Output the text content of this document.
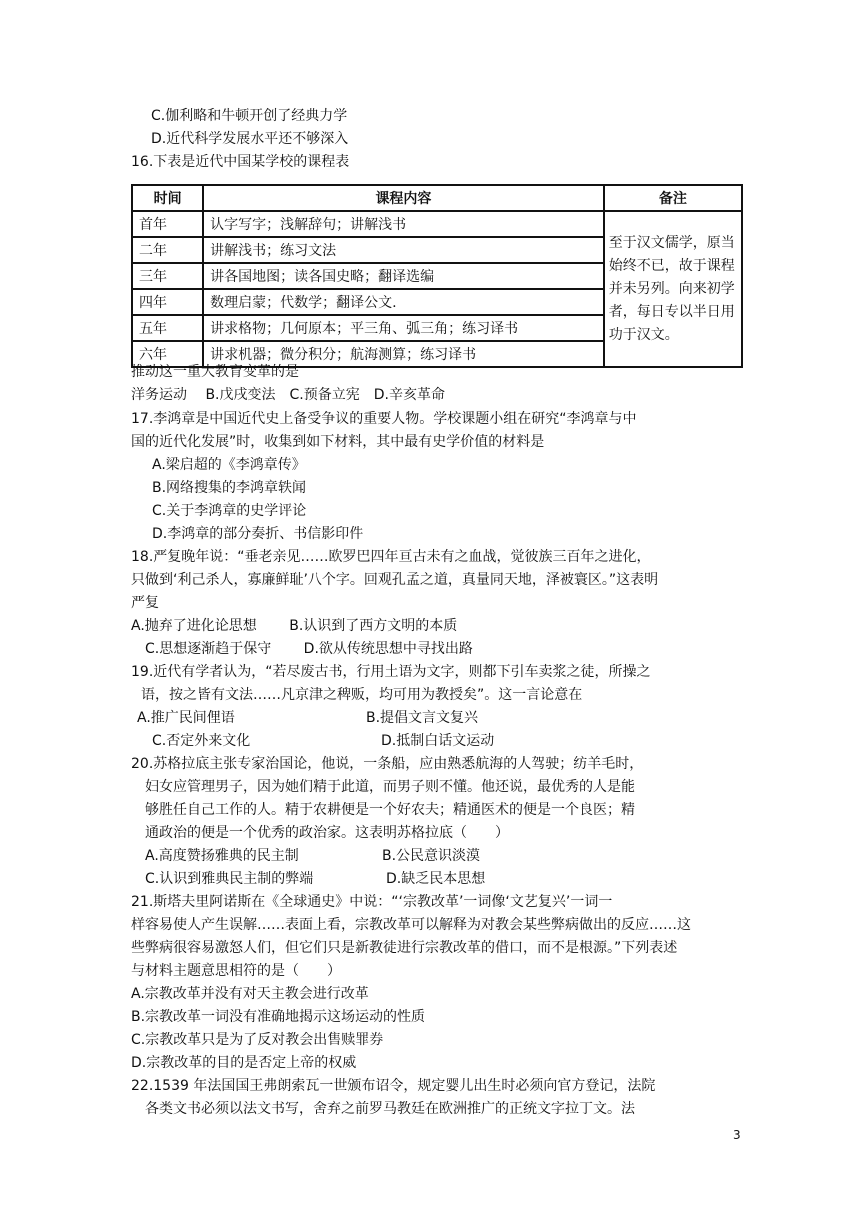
C.伽利略和牛顿开创了经典力学
D.近代科学发展水平还不够深入
16.下表是近代中国某学校的课程表
时间	课程内容	备注
首年	认字写字；浅解辞句；讲解浅书	至于汉文儒学，原当始终不已，故于课程并未另列。向来初学者，每日专以半日用功于汉文。
二年	讲解浅书；练习文法	
三年	讲各国地图；读各国史略；翻译选编	
四年	数理启蒙；代数学；翻译公文.	
五年	讲求格物；几何原本；平三角、弧三角；练习译书	
六年	讲求机器；微分积分；航海测算；练习译书	
推动这一重大教育变革的是
洋务运动　 B.戊戌变法　C.预备立宪　D.辛亥革命
17.李鸿章是中国近代史上备受争议的重要人物。学校课题小组在研究“李鸿章与中
国的近代化发展”时，收集到如下材料，其中最有史学价值的材料是
A.梁启超的《李鸿章传》
B.网络搜集的李鸿章轶闻
C.关于李鸿章的史学评论
D.李鸿章的部分奏折、书信影印件
18.严复晚年说：“垂老亲见……欧罗巴四年亘古未有之血战，觉彼族三百年之进化，
只做到‘利己杀人，寡廉鲜耻’八个字。回观孔孟之道，真量同天地，泽被寰区。”这表明
严复
A.抛弃了进化论思想　　 B.认识到了西方文明的本质
C.思想逐渐趋于保守　　 D.欲从传统思想中寻找出路
19.近代有学者认为，“若尽废古书，行用土语为文字，则都下引车卖浆之徒，所操之
语，按之皆有文法……凡京津之稗贩，均可用为教授矣”。这一言论意在
A.推广民间俚语	B.提倡文言文复兴
C.否定外来文化	D.抵制白话文运动
20.苏格拉底主张专家治国论，他说，一条船，应由熟悉航海的人驾驶；纺羊毛时，
妇女应管理男子，因为她们精于此道，而男子则不懂。他还说，最优秀的人是能
够胜任自己工作的人。精于农耕便是一个好农夫；精通医术的便是一个良医；精
通政治的便是一个优秀的政治家。这表明苏格拉底（　　）
A.高度赞扬雅典的民主制	B.公民意识淡漠
C.认识到雅典民主制的弊端	D.缺乏民本思想
21.斯塔夫里阿诺斯在《全球通史》中说：“‘宗教改革’一词像‘文艺复兴’一词一
样容易使人产生误解……表面上看，宗教改革可以解释为对教会某些弊病做出的反应……这
些弊病很容易激怒人们，但它们只是新教徒进行宗教改革的借口，而不是根源。”下列表述
与材料主题意思相符的是（　　）
A.宗教改革并没有对天主教会进行改革
B.宗教改革一词没有准确地揭示这场运动的性质
C.宗教改革只是为了反对教会出售赎罪券
D.宗教改革的目的是否定上帝的权威
22.1539 年法国国王弗朗索瓦一世颁布诏令，规定婴儿出生时必须向官方登记，法院
各类文书必须以法文书写，舍弃之前罗马教廷在欧洲推广的正统文字拉丁文。法
3
